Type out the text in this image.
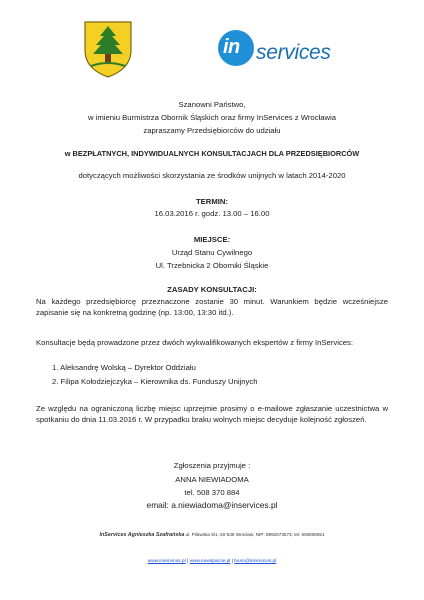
in services
Szanowni Państwo,
w imieniu Burmistrza Obornik Śląskich oraz firmy InServices z Wrocławia
zapraszamy Przedsiębiorców do udziału
w BEZPŁATNYCH, INDYWIDUALNYCH KONSULTACJACH DLA PRZEDSIĘBIORCÓW
dotyczących możliwości skorzystania ze środków unijnych w latach 2014-2020
TERMIN:
16.03.2016 r. godz. 13.00 – 16.00
MIEJSCE:
Urząd Stanu Cywilnego
Ul. Trzebnicka 2 Oborniki Śląskie
ZASADY KONSULTACJI:
Na każdego przedsiębiorcę przeznaczone zostanie 30 minut. Warunkiem będzie wcześniejsze zapisanie się na konkretną godzinę (np. 13:00, 13:30 itd.).
Konsultacje będą prowadzone przez dwóch wykwalifikowanych ekspertów z firmy InServices:
1. Aleksandrę Wolską – Dyrektor Oddziału
2. Filipa Kołodziejczyka – Kierownika ds. Funduszy Unijnych
Ze względu na ograniczoną liczbę miejsc uprzejmie prosimy o e-mailowe zgłaszanie uczestnictwa w spotkaniu do dnia 11.03.2016 r. W przypadku braku wolnych miejsc decyduje kolejność zgłoszeń.
Zgłoszenia przyjmuje :
ANNA NIEWIADOMA
tel. 508 370 884
email: a.niewiadoma@inservices.pl
InServices Agnieszka Szafrańska ul. Pilawska 9/1, 50-538 Wrocław; NIP: 8992673573; tel. 600806651
www.inservices.pl | www.euwsparcie.pl | biuro@inservices.pl
